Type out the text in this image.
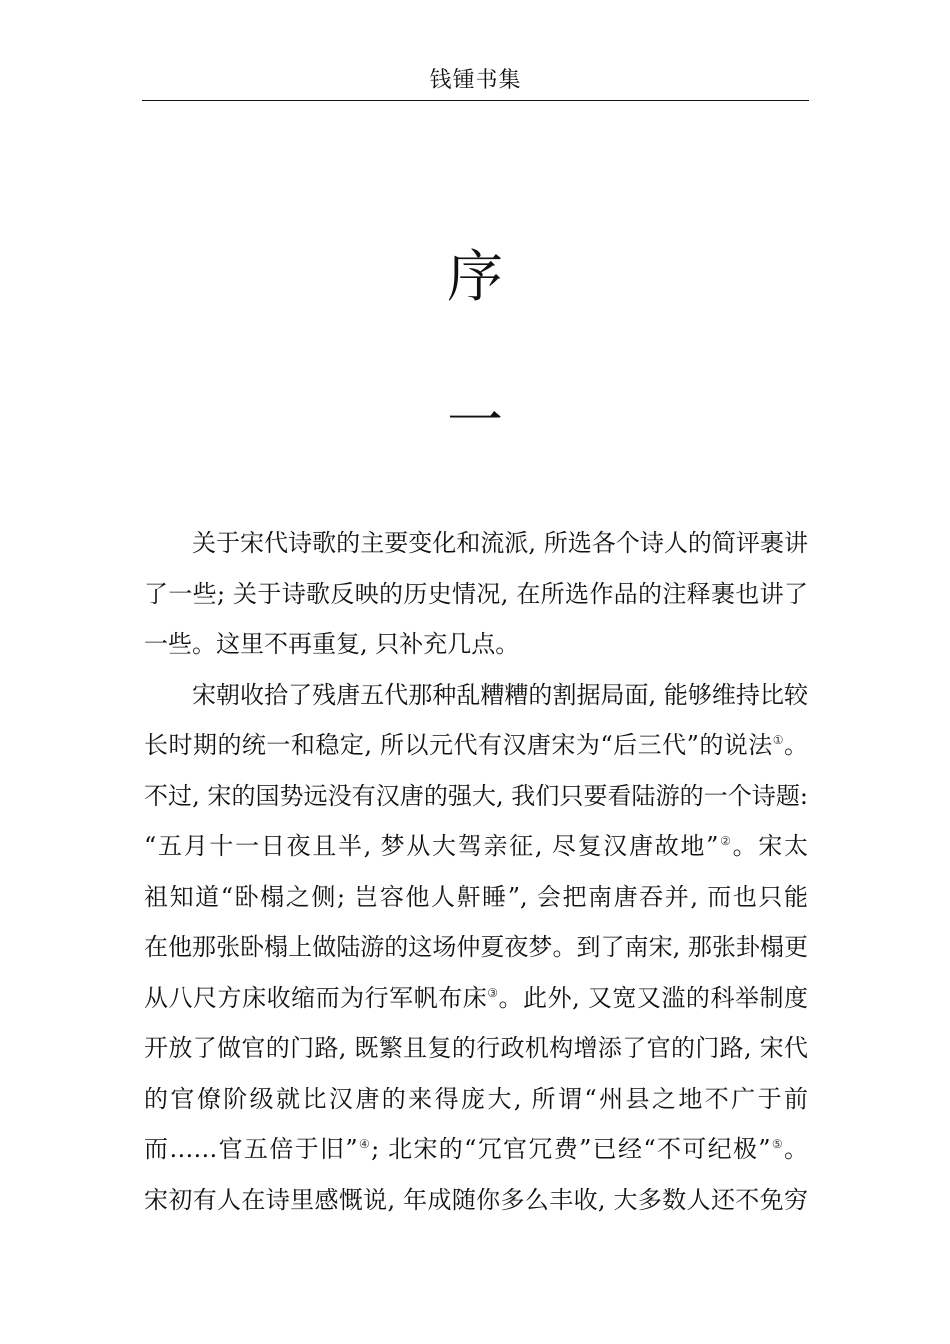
钱锺书集
序
一
关于宋代诗歌的主要变化和流派, 所选各个诗人的简评裹讲
了一些; 关于诗歌反映的历史情况, 在所选作品的注释裹也讲了
一些。这里不再重复, 只补充几点。
宋朝收拾了残唐五代那种乱糟糟的割据局面, 能够维持比较
长时期的统一和稳定, 所以元代有汉唐宋为“后三代”的说法①。
不过, 宋的国势远没有汉唐的强大, 我们只要看陆游的一个诗题:
“五月十一日夜且半, 梦从大驾亲征, 尽复汉唐故地”②。宋太
祖知道“卧榻之侧; 岂容他人鼾睡”, 会把南唐吞并, 而也只能
在他那张卧榻上做陆游的这场仲夏夜梦。到了南宋, 那张卦榻更
从八尺方床收缩而为行军帆布床③。此外, 又宽又滥的科举制度
开放了做官的门路, 既繁且复的行政机构增添了官的门路, 宋代
的官僚阶级就比汉唐的来得庞大, 所谓“州县之地不广于前
而……官五倍于旧”④; 北宋的“冗官冗费”已经“不可纪极”⑤。
宋初有人在诗里感慨说, 年成随你多么丰收, 大多数人还不免穷
